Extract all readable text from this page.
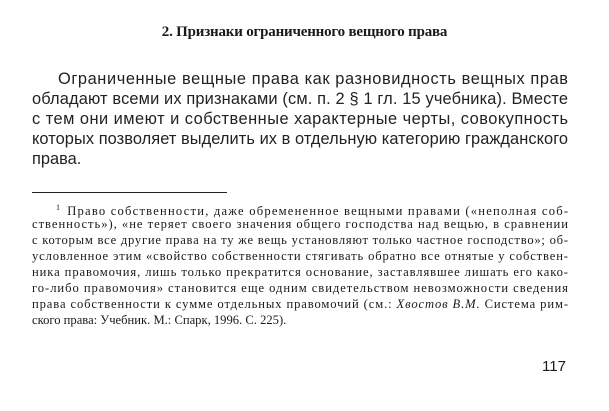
2. Признаки ограниченного вещного права
Ограниченные вещные права как разновидность вещных прав
обладают всеми их признаками (см. п. 2 § 1 гл. 15 учебника). Вместе
с тем они имеют и собственные характерные черты, совокупность
которых позволяет выделить их в отдельную категорию гражданского
права.
$^1$ Право собственности, даже обремененное вещными правами («неполная соб-
ственность»), «не теряет своего значения общего господства над вещью, в сравнении
с которым все другие права на ту же вещь установляют только частное господство»; об-
условленное этим «свойство собственности стягивать обратно все отнятые у собствен-
ника правомочия, лишь только прекратится основание, заставлявшее лишать его како-
го-либо правомочия» становится еще одним свидетельством невозможности сведения
права собственности к сумме отдельных правомочий (см.: Хвостов В.М. Система рим-
ского права: Учебник. М.: Спарк, 1996. С. 225).
117
